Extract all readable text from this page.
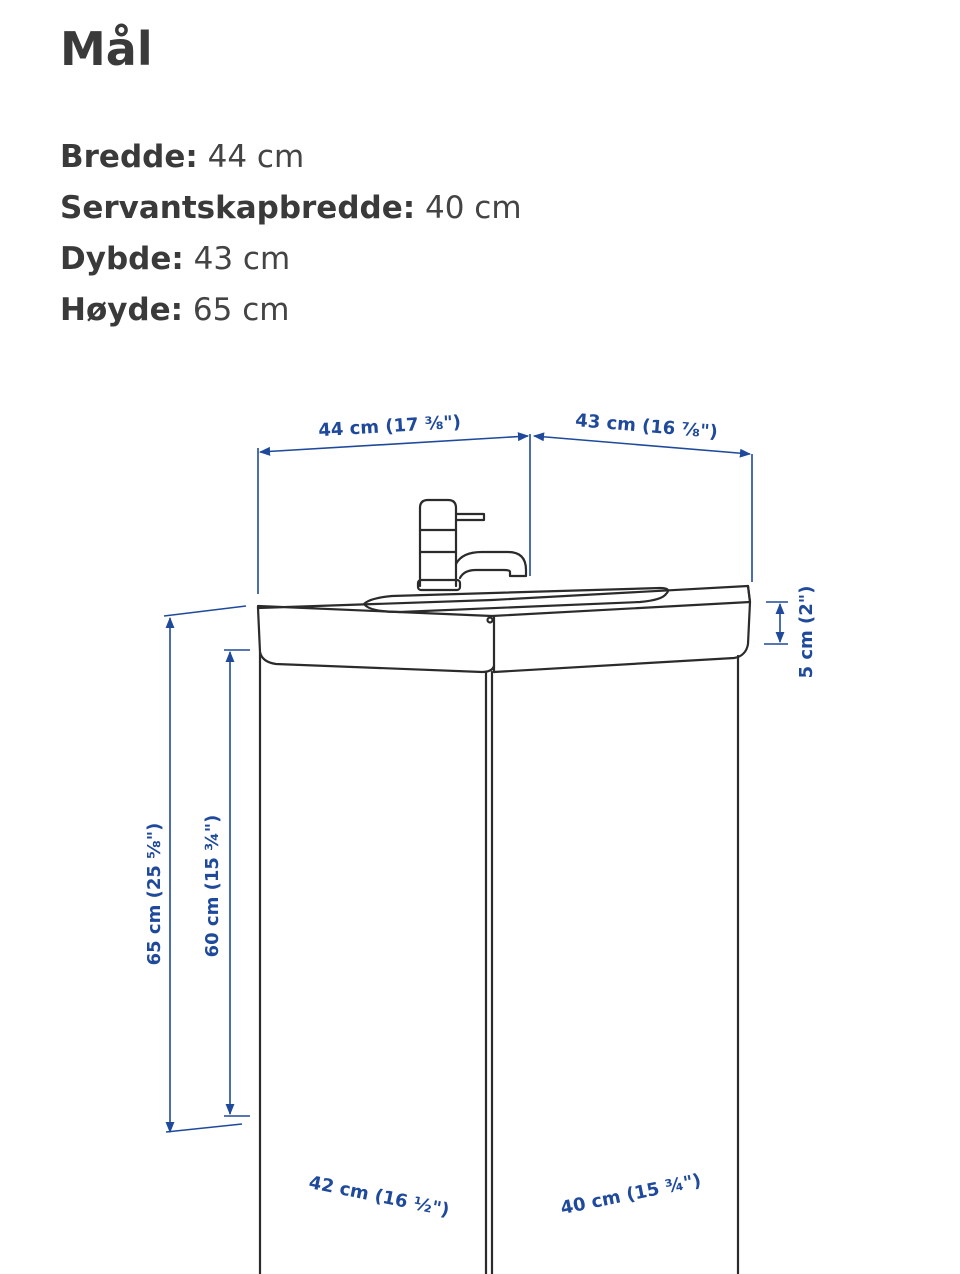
Mål
Bredde: 44 cm
Servantskapbredde: 40 cm
Dybde: 43 cm
Høyde: 65 cm
44 cm (17 ⅜")	43 cm (16 ⅞")
5 cm (2")
65 cm (25 ⅝") 60 cm (15 ¾")
42 cm (16 ½")	40 cm (15 ¾")
